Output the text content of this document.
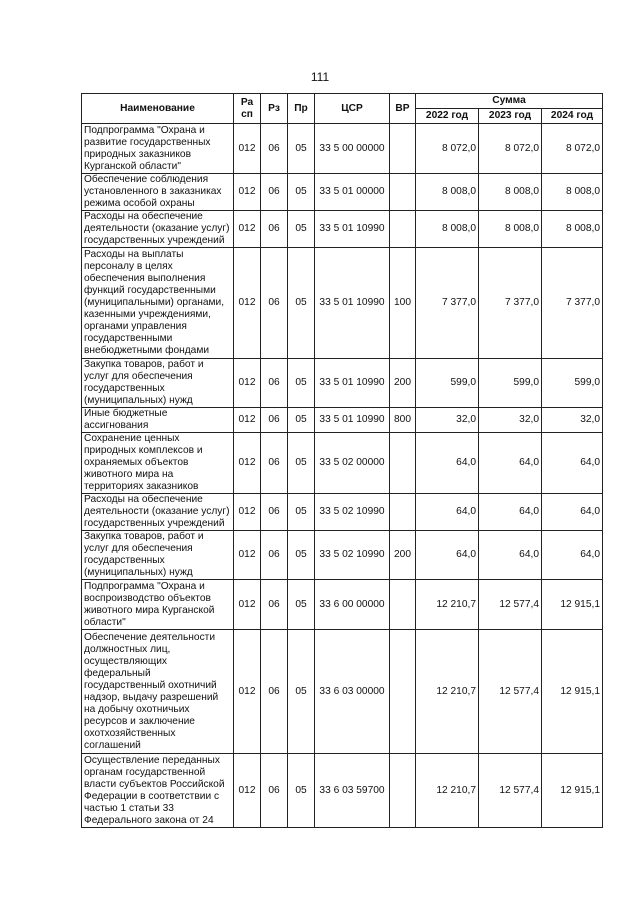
111
Наименование	Ра сп	Рз	Пр	ЦСР	ВР	Сумма		
						2022 год	2023 год	2024 год
Подпрограмма "Охрана и развитие государственных природных заказников Курганской области"	012	06	05	33 5 00 00000		8 072,0	8 072,0	8 072,0
Обеспечение соблюдения установленного в заказниках режима особой охраны	012	06	05	33 5 01 00000		8 008,0	8 008,0	8 008,0
Расходы на обеспечение деятельности (оказание услуг) государственных учреждений	012	06	05	33 5 01 10990		8 008,0	8 008,0	8 008,0
Расходы на выплаты персоналу в целях обеспечения выполнения функций государственными (муниципальными) органами, казенными учреждениями, органами управления государственными внебюджетными фондами	012	06	05	33 5 01 10990	100	7 377,0	7 377,0	7 377,0
Закупка товаров, работ и услуг для обеспечения государственных (муниципальных) нужд	012	06	05	33 5 01 10990	200	599,0	599,0	599,0
Иные бюджетные ассигнования	012	06	05	33 5 01 10990	800	32,0	32,0	32,0
Сохранение ценных природных комплексов и охраняемых объектов животного мира на территориях заказников	012	06	05	33 5 02 00000		64,0	64,0	64,0
Расходы на обеспечение деятельности (оказание услуг) государственных учреждений	012	06	05	33 5 02 10990		64,0	64,0	64,0
Закупка товаров, работ и услуг для обеспечения государственных (муниципальных) нужд	012	06	05	33 5 02 10990	200	64,0	64,0	64,0
Подпрограмма "Охрана и воспроизводство объектов животного мира Курганской области"	012	06	05	33 6 00 00000		12 210,7	12 577,4	12 915,1
Обеспечение деятельности должностных лиц, осуществляющих федеральный государственный охотничий надзор, выдачу разрешений на добычу охотничьих ресурсов и заключение охотхозяйственных соглашений	012	06	05	33 6 03 00000		12 210,7	12 577,4	12 915,1
Осуществление переданных органам государственной власти субъектов Российской Федерации в соответствии с частью 1 статьи 33 Федерального закона от 24	012	06	05	33 6 03 59700		12 210,7	12 577,4	12 915,1
